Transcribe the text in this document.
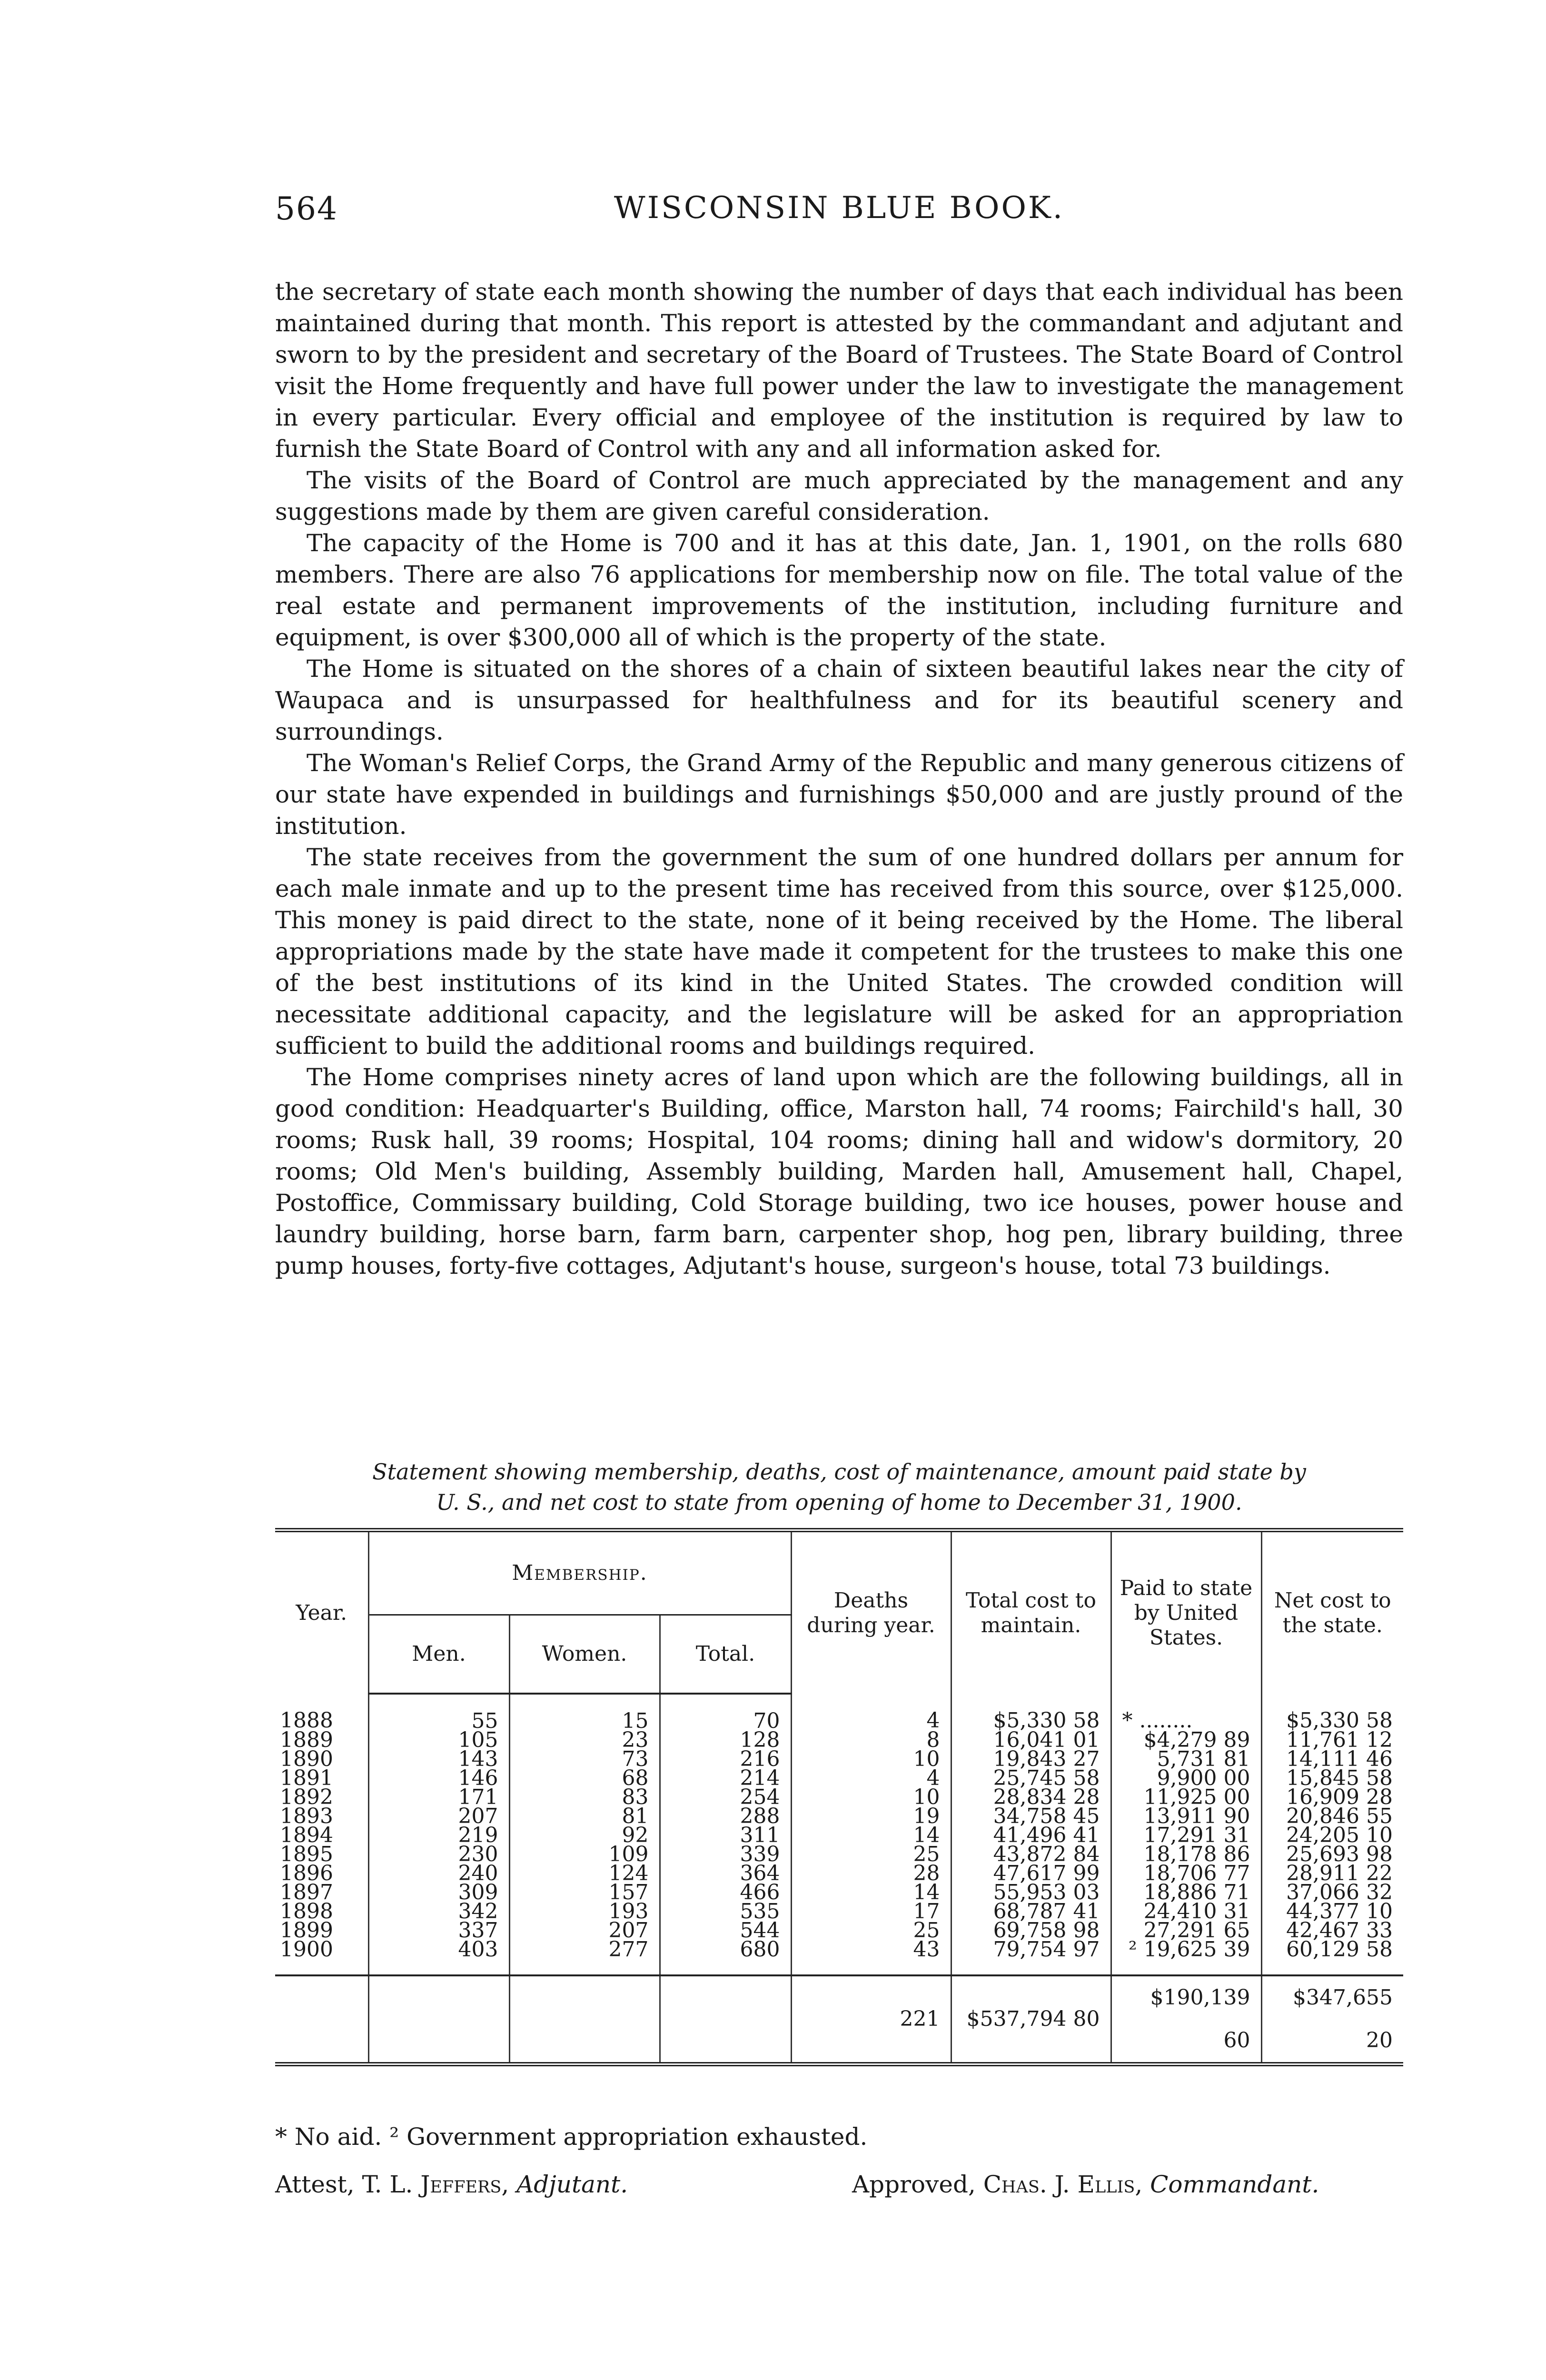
564	WISCONSIN BLUE BOOK.

the secretary of state each month showing the number of days that each individual has been maintained during that month. This report is attested by the commandant and adjutant and sworn to by the president and secretary of the Board of Trustees. The State Board of Control visit the Home frequently and have full power under the law to investigate the management in every particular. Every official and employee of the institution is required by law to furnish the State Board of Control with any and all information asked for.

The visits of the Board of Control are much appreciated by the management and any suggestions made by them are given careful consideration.

The capacity of the Home is 700 and it has at this date, Jan. 1, 1901, on the rolls 680 members. There are also 76 applications for membership now on file. The total value of the real estate and permanent improvements of the institution, including furniture and equipment, is over $300,000 all of which is the property of the state.

The Home is situated on the shores of a chain of sixteen beautiful lakes near the city of Waupaca and is unsurpassed for healthfulness and for its beautiful scenery and surroundings.

The Woman's Relief Corps, the Grand Army of the Republic and many generous citizens of our state have expended in buildings and furnishings $50,000 and are justly pround of the institution.

The state receives from the government the sum of one hundred dollars per annum for each male inmate and up to the present time has received from this source, over $125,000. This money is paid direct to the state, none of it being received by the Home. The liberal appropriations made by the state have made it competent for the trustees to make this one of the best institutions of its kind in the United States. The crowded condition will necessitate additional capacity, and the legislature will be asked for an appropriation sufficient to build the additional rooms and buildings required.

The Home comprises ninety acres of land upon which are the following buildings, all in good condition: Headquarter's Building, office, Marston hall, 74 rooms; Fairchild's hall, 30 rooms; Rusk hall, 39 rooms; Hospital, 104 rooms; dining hall and widow's dormitory, 20 rooms; Old Men's building, Assembly building, Marden hall, Amusement hall, Chapel, Postoffice, Commissary building, Cold Storage building, two ice houses, power house and laundry building, horse barn, farm barn, carpenter shop, hog pen, library building, three pump houses, forty-five cottages, Adjutant's house, surgeon's house, total 73 buildings.

Statement showing membership, deaths, cost of maintenance, amount paid state by
U. S., and net cost to state from opening of home to December 31, 1900.
Year.	Membership.			Deaths during year.	Total cost to maintain.	Paid to state by United States.	Net cost to the state.
	Men.	Women.	Total.				
1888	55	15	70	4	$5,330 58	* ........	$5,330 58
1889	105	23	128	8	16,041 01	$4,279 89	11,761 12
1890	143	73	216	10	19,843 27	5,731 81	14,111 46
1891	146	68	214	4	25,745 58	9,900 00	15,845 58
1892	171	83	254	10	28,834 28	11,925 00	16,909 28
1893	207	81	288	19	34,758 45	13,911 90	20,846 55
1894	219	92	311	14	41,496 41	17,291 31	24,205 10
1895	230	109	339	25	43,872 84	18,178 86	25,693 98
1896	240	124	364	28	47,617 99	18,706 77	28,911 22
1897	309	157	466	14	55,953 03	18,886 71	37,066 32
1898	342	193	535	17	68,787 41	24,410 31	44,377 10
1899	337	207	544	25	69,758 98	27,291 65	42,467 33
1900	403	277	680	43	79,754 97	² 19,625 39	60,129 58
				221	$537,794 80	$190,139 60	$347,655 20
* No aid. ² Government appropriation exhausted.
Attest, T. L. Jeffers, Adjutant.	Approved, Chas. J. Ellis, Commandant.
